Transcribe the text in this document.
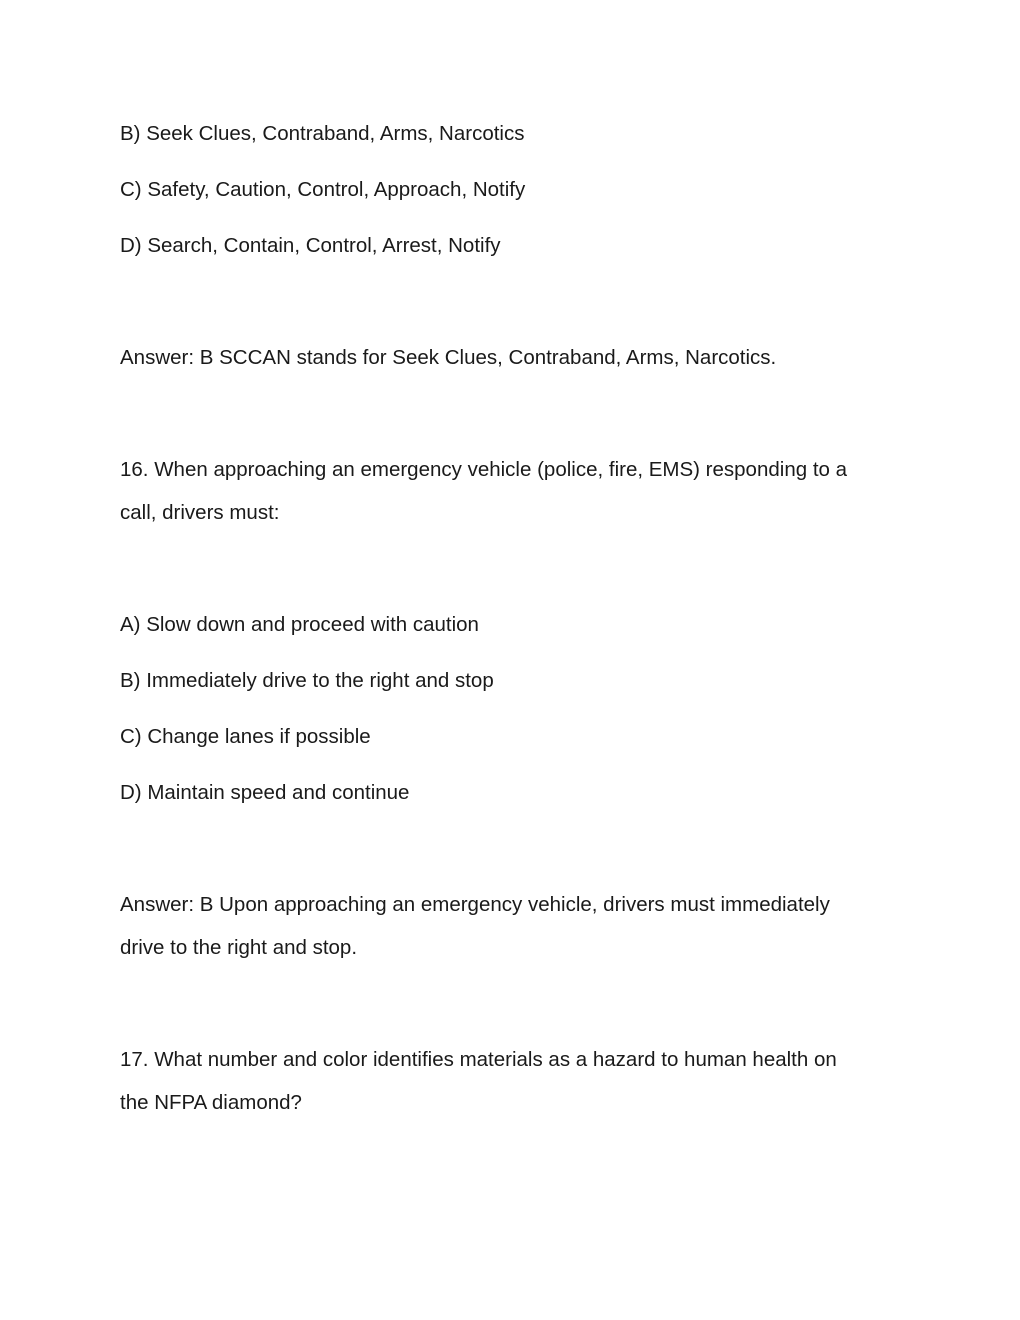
B) Seek Clues, Contraband, Arms, Narcotics
C) Safety, Caution, Control, Approach, Notify
D) Search, Contain, Control, Arrest, Notify
Answer: B SCCAN stands for Seek Clues, Contraband, Arms, Narcotics.
16. When approaching an emergency vehicle (police, fire, EMS) responding to a
call, drivers must:
A) Slow down and proceed with caution
B) Immediately drive to the right and stop
C) Change lanes if possible
D) Maintain speed and continue
Answer: B Upon approaching an emergency vehicle, drivers must immediately
drive to the right and stop.
17. What number and color identifies materials as a hazard to human health on
the NFPA diamond?
